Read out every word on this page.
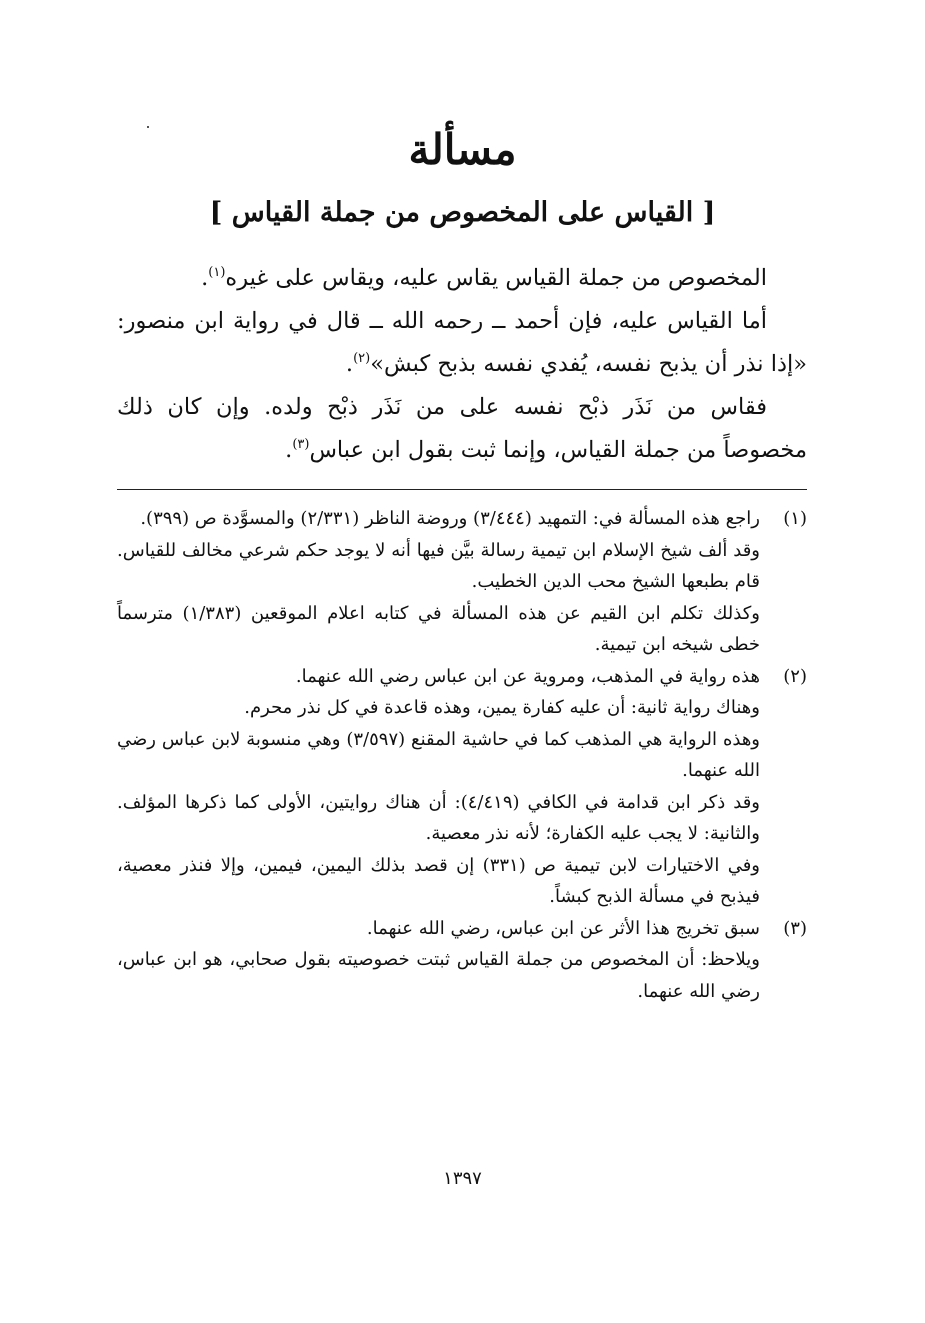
مسألة
[ القياس على المخصوص من جملة القياس ]

المخصوص من جملة القياس يقاس عليه، ويقاس على غيره$^{(١)}$.

أما القياس عليه، فإن أحمد ــ رحمه الله ــ قال في رواية ابن منصور: «إذا نذر أن يذبح نفسه، يُفدي نفسه بذبح كبش»$^{(٢)}$.

فقاس من نَذَر ذبْح نفسه على من نَذَر ذبْح ولده. وإن كان ذلك مخصوصاً من جملة القياس، وإنما ثبت بقول ابن عباس$^{(٣)}$.

(١)

راجع هذه المسألة في: التمهيد (٣/٤٤٤) وروضة الناظر (٢/٣٣١) والمسوَّدة ص (٣٩٩).

وقد ألف شيخ الإسلام ابن تيمية رسالة بيَّن فيها أنه لا يوجد حكم شرعي مخالف للقياس. قام بطبعها الشيخ محب الدين الخطيب.

وكذلك تكلم ابن القيم عن هذه المسألة في كتابه اعلام الموقعين (١/٣٨٣) مترسماً خطى شيخه ابن تيمية.

(٢)

هذه رواية في المذهب، ومروية عن ابن عباس رضي الله عنهما.

وهناك رواية ثانية: أن عليه كفارة يمين، وهذه قاعدة في كل نذر محرم.

وهذه الرواية هي المذهب كما في حاشية المقنع (٣/٥٩٧) وهي منسوبة لابن عباس رضي الله عنهما.

وقد ذكر ابن قدامة في الكافي (٤/٤١٩): أن هناك روايتين، الأولى كما ذكرها المؤلف. والثانية: لا يجب عليه الكفارة؛ لأنه نذر معصية.

وفي الاختيارات لابن تيمية ص (٣٣١) إن قصد بذلك اليمين، فيمين، وإلا فنذر معصية، فيذبح في مسألة الذبح كبشاً.

(٣)

سبق تخريج هذا الأثر عن ابن عباس، رضي الله عنهما.

ويلاحظ: أن المخصوص من جملة القياس ثبتت خصوصيته بقول صحابي، هو ابن عباس، رضي الله عنهما.

١٣٩٧
